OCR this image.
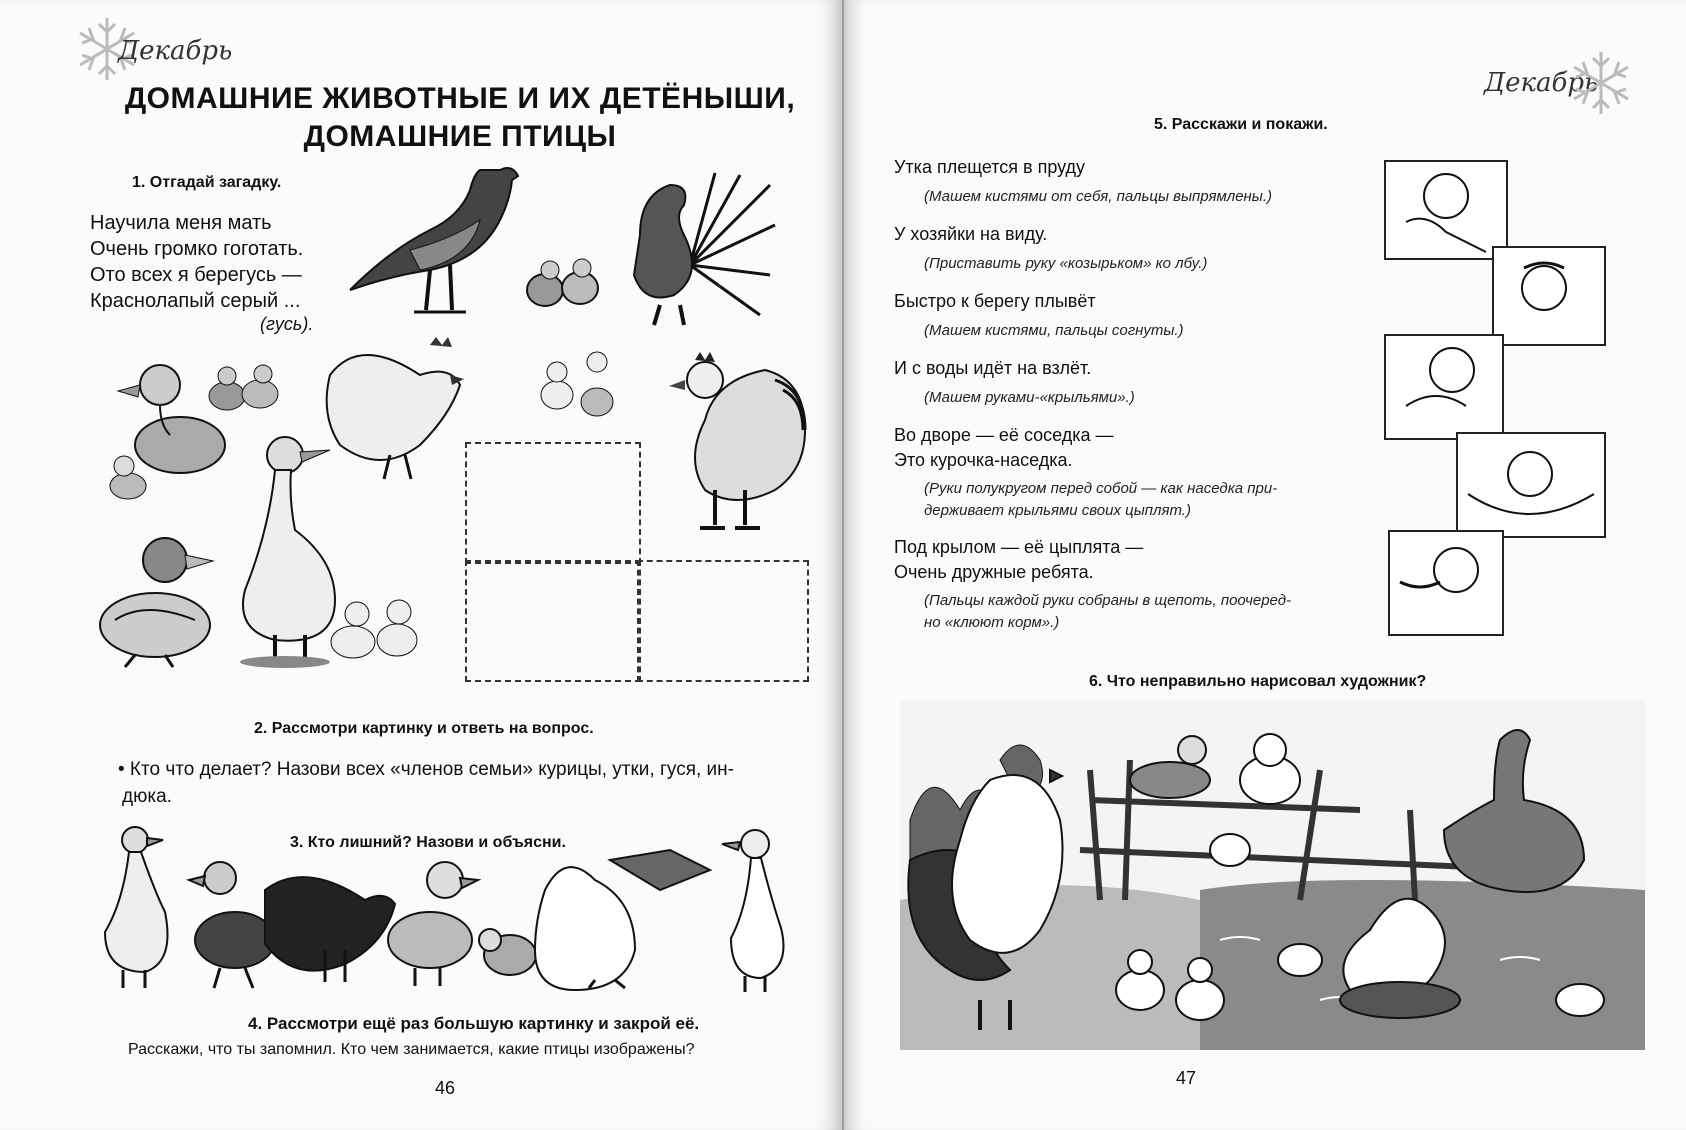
Декабрь
ДОМАШНИЕ ЖИВОТНЫЕ И ИХ ДЕТЁНЫШИ,
ДОМАШНИЕ ПТИЦЫ
1. Отгадай загадку.
Научила меня мать
Очень громко гоготать.
Ото всех я берегусь —
Краснолапый серый ...
(гусь).
2. Рассмотри картинку и ответь на вопрос.
• Кто что делает? Назови всех «членов семьи» курицы, утки, гуся, ин-
дюка.
3. Кто лишний? Назови и объясни.
4. Рассмотри ещё раз большую картинку и закрой её.
Расскажи, что ты запомнил. Кто чем занимается, какие птицы изображены?
46
Декабрь
5. Расскажи и покажи.
Утка плещется в пруду
(Машем кистями от себя, пальцы выпрямлены.)
У хозяйки на виду.
(Приставить руку «козырьком» ко лбу.)
Быстро к берегу плывёт
(Машем кистями, пальцы согнуты.)
И с воды идёт на взлёт.
(Машем руками-«крыльями».)
Во дворе — её соседка —
Это курочка-наседка.
(Руки полукругом перед собой — как наседка при-
держивает крыльями своих цыплят.)
Под крылом — её цыплята —
Очень дружные ребята.
(Пальцы каждой руки собраны в щепоть, поочеред-
но «клюют корм».)
6. Что неправильно нарисовал художник?
47
